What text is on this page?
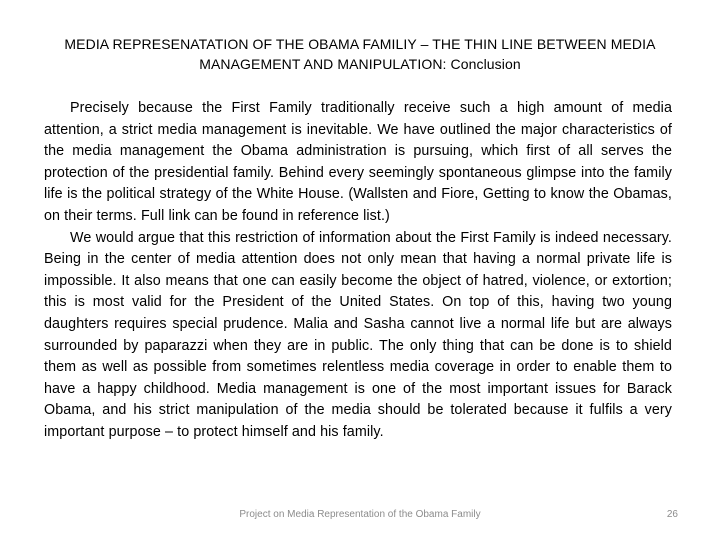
MEDIA REPRESENATATION OF THE OBAMA FAMILIY – THE THIN LINE BETWEEN MEDIA
MANAGEMENT AND MANIPULATION: Conclusion

Precisely because the First Family traditionally receive such a high amount of media attention, a strict media management is inevitable. We have outlined the major characteristics of the media management the Obama administration is pursuing, which first of all serves the protection of the presidential family. Behind every seemingly spontaneous glimpse into the family life is the political strategy of the White House. (Wallsten and Fiore, Getting to know the Obamas, on their terms. Full link can be found in reference list.)

We would argue that this restriction of information about the First Family is indeed necessary. Being in the center of media attention does not only mean that having a normal private life is impossible. It also means that one can easily become the object of hatred, violence, or extortion; this is most valid for the President of the United States. On top of this, having two young daughters requires special prudence. Malia and Sasha cannot live a normal life but are always surrounded by paparazzi when they are in public. The only thing that can be done is to shield them as well as possible from sometimes relentless media coverage in order to enable them to have a happy childhood. Media management is one of the most important issues for Barack Obama, and his strict manipulation of the media should be tolerated because it fulfils a very important purpose – to protect himself and his family.

Project on Media Representation of the Obama Family	26
